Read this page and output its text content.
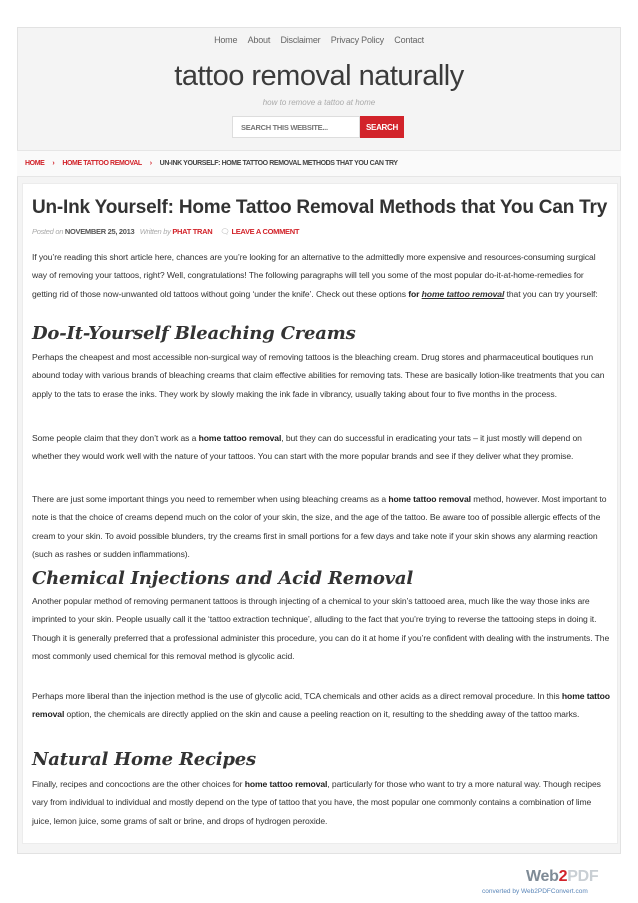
Home About Disclaimer Privacy Policy Contact
tattoo removal naturally
how to remove a tattoo at home
SEARCH THIS WEBSITE...
SEARCH
HOME › HOME TATTOO REMOVAL › UN-INK YOURSELF: HOME TATTOO REMOVAL METHODS THAT YOU CAN TRY
Un-Ink Yourself: Home Tattoo Removal Methods that You Can Try
Posted on NOVEMBER 25, 2013 Written by PHAT TRAN 🗨 LEAVE A COMMENT

If you’re reading this short article here, chances are you’re looking for an alternative to the admittedly more expensive and resources-consuming surgical way of removing your tattoos, right? Well, congratulations! The following paragraphs will tell you some of the most popular do-it-at-home-remedies for getting rid of those now-unwanted old tattoos without going ‘under the knife’. Check out these options for home tattoo removal that you can try yourself:

Do-It-Yourself Bleaching Creams

Perhaps the cheapest and most accessible non-surgical way of removing tattoos is the bleaching cream. Drug stores and pharmaceutical boutiques run abound today with various brands of bleaching creams that claim effective abilities for removing tats. These are basically lotion-like treatments that you can apply to the tats to erase the inks. They work by slowly making the ink fade in vibrancy, usually taking about four to five months in the process.

Some people claim that they don’t work as a home tattoo removal, but they can do successful in eradicating your tats – it just mostly will depend on whether they would work well with the nature of your tattoos. You can start with the more popular brands and see if they deliver what they promise.

There are just some important things you need to remember when using bleaching creams as a home tattoo removal method, however. Most important to note is that the choice of creams depend much on the color of your skin, the size, and the age of the tattoo. Be aware too of possible allergic effects of the cream to your skin. To avoid possible blunders, try the creams first in small portions for a few days and take note if your skin shows any alarming reaction (such as rashes or sudden inflammations).

Chemical Injections and Acid Removal

Another popular method of removing permanent tattoos is through injecting of a chemical to your skin’s tattooed area, much like the way those inks are imprinted to your skin. People usually call it the ‘tattoo extraction technique’, alluding to the fact that you’re trying to reverse the tattooing steps in doing it. Though it is generally preferred that a professional administer this procedure, you can do it at home if you’re confident with dealing with the instruments. The most commonly used chemical for this removal method is glycolic acid.

Perhaps more liberal than the injection method is the use of glycolic acid, TCA chemicals and other acids as a direct removal procedure. In this home tattoo removal option, the chemicals are directly applied on the skin and cause a peeling reaction on it, resulting to the shedding away of the tattoo marks.

Natural Home Recipes

Finally, recipes and concoctions are the other choices for home tattoo removal, particularly for those who want to try a more natural way. Though recipes vary from individual to individual and mostly depend on the type of tattoo that you have, the most popular one commonly contains a combination of lime juice, lemon juice, some grams of salt or brine, and drops of hydrogen peroxide.

Web2PDF
converted by Web2PDFConvert.com
